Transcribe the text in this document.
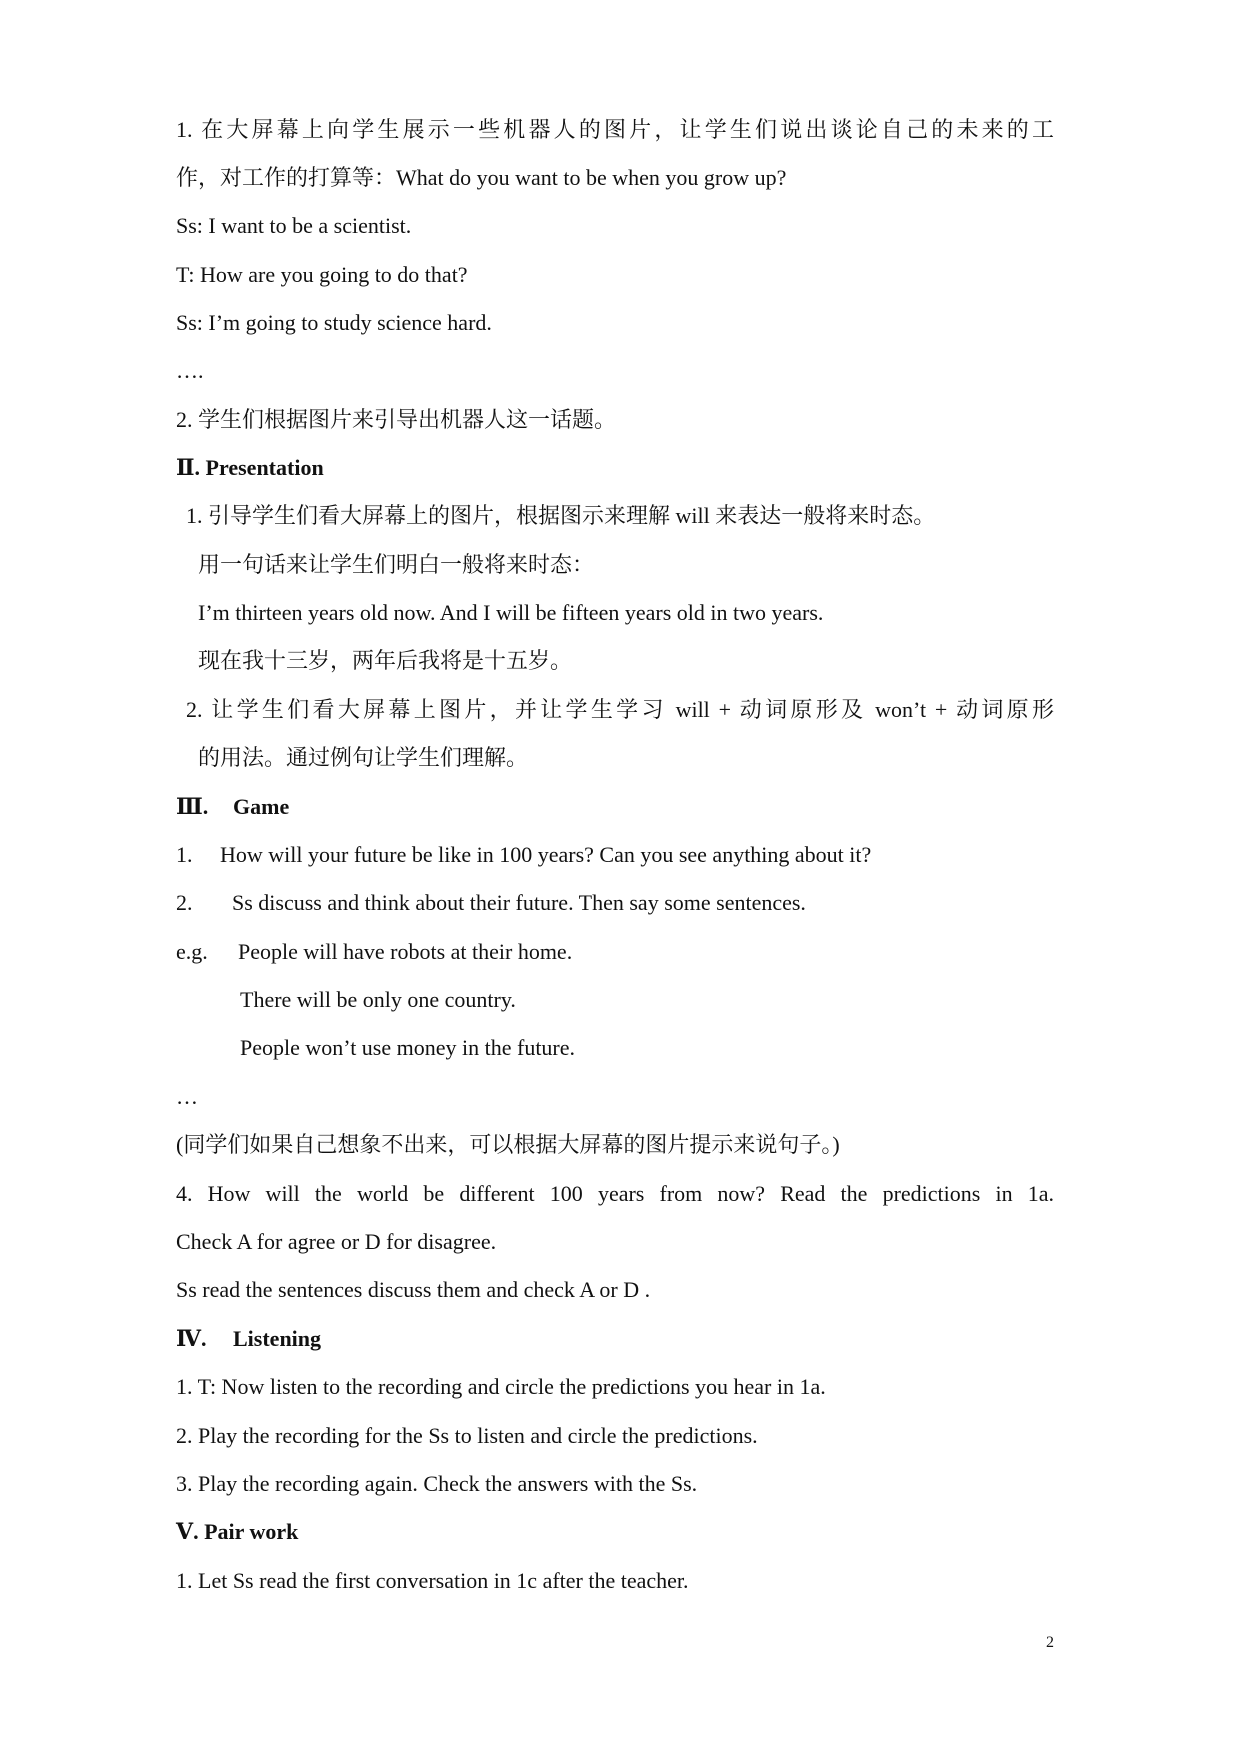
1. 在大屏幕上向学生展示一些机器人的图片，让学生们说出谈论自己的未来的工
作，对工作的打算等：What do you want to be when you grow up?
Ss: I want to be a scientist.
T: How are you going to do that?
Ss: I’m going to study science hard.
….
2. 学生们根据图片来引导出机器人这一话题。
Ⅱ. Presentation
1. 引导学生们看大屏幕上的图片，根据图示来理解 will 来表达一般将来时态。
用一句话来让学生们明白一般将来时态：
I’m thirteen years old now. And I will be fifteen years old in two years.
现在我十三岁，两年后我将是十五岁。
2. 让学生们看大屏幕上图片，并让学生学习 will + 动词原形及 won’t + 动词原形
的用法。通过例句让学生们理解。
Ⅲ. Game
1. How will your future be like in 100 years? Can you see anything about it?
2. Ss discuss and think about their future. Then say some sentences.
e.g. People will have robots at their home.
There will be only one country.
People won’t use money in the future.
…
(同学们如果自己想象不出来，可以根据大屏幕的图片提示来说句子。)
4. How will the world be different 100 years from now? Read the predictions in 1a.
Check A for agree or D for disagree.
Ss read the sentences discuss them and check A or D .
Ⅳ. Listening
1. T: Now listen to the recording and circle the predictions you hear in 1a.
2. Play the recording for the Ss to listen and circle the predictions.
3. Play the recording again. Check the answers with the Ss.
Ⅴ. Pair work
1. Let Ss read the first conversation in 1c after the teacher.
2
